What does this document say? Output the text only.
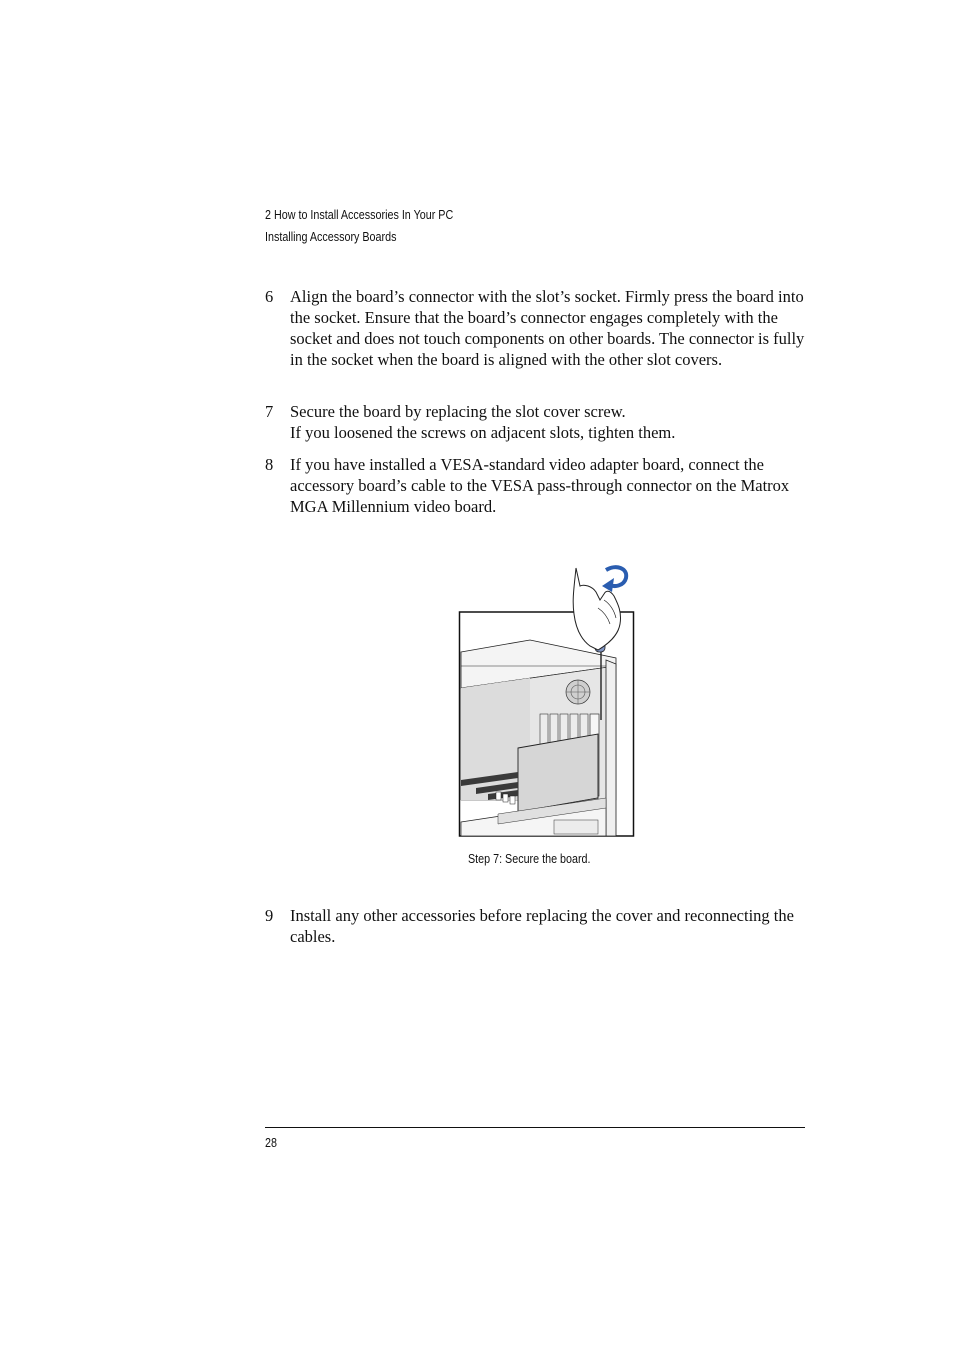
2 How to Install Accessories In Your PC
Installing Accessory Boards
6 Align the board’s connector with the slot’s socket. Firmly press the board into the socket. Ensure that the board’s connector engages completely with the socket and does not touch components on other boards. The connector is fully in the socket when the board is aligned with the other slot covers.

7 Secure the board by replacing the slot cover screw.

If you loosened the screws on adjacent slots, tighten them.

8 If you have installed a VESA-standard video adapter board, connect the accessory board’s cable to the VESA pass-through connector on the Matrox MGA Millennium video board.

Step 7: Secure the board.
9 Install any other accessories before replacing the cover and reconnecting the cables.

28
